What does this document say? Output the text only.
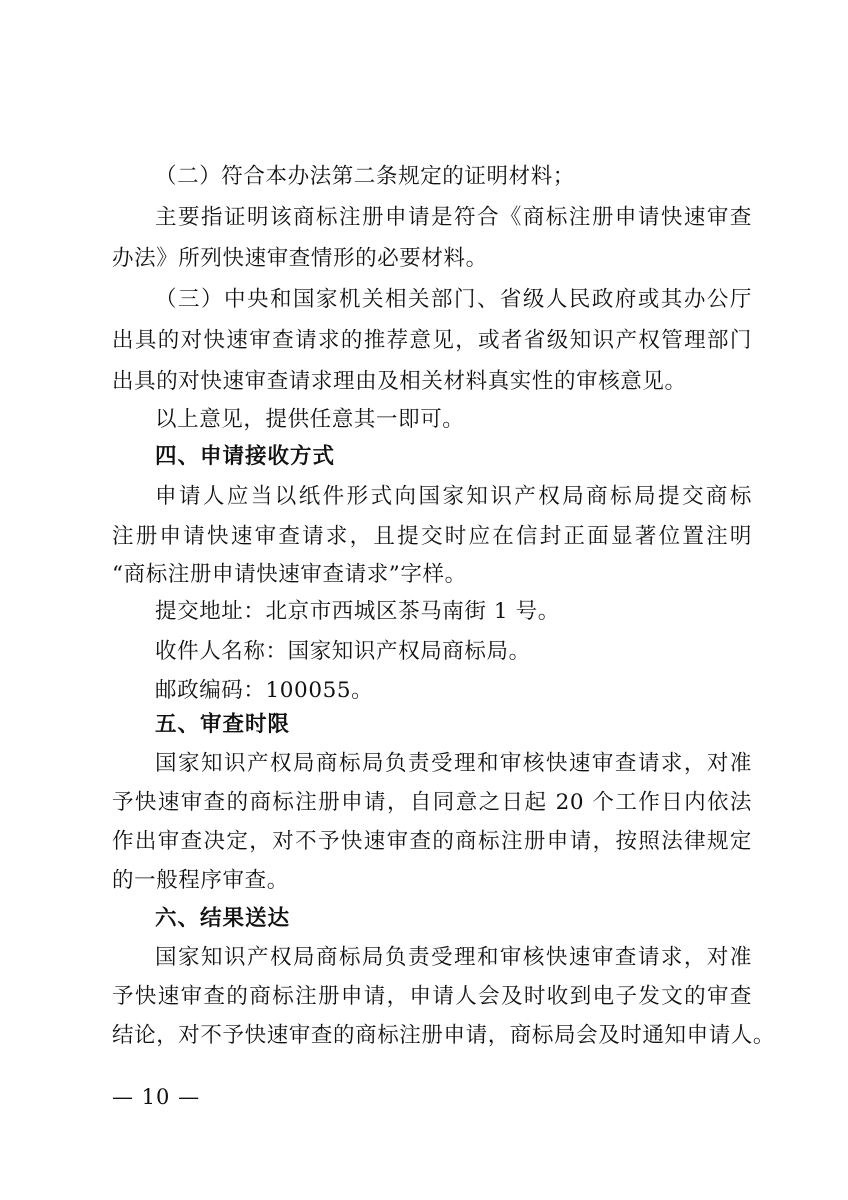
（二）符合本办法第二条规定的证明材料；
主要指证明该商标注册申请是符合《商标注册申请快速审查
办法》所列快速审查情形的必要材料。
（三）中央和国家机关相关部门、省级人民政府或其办公厅
出具的对快速审查请求的推荐意见，或者省级知识产权管理部门
出具的对快速审查请求理由及相关材料真实性的审核意见。
以上意见，提供任意其一即可。
四、申请接收方式
申请人应当以纸件形式向国家知识产权局商标局提交商标
注册申请快速审查请求，且提交时应在信封正面显著位置注明
“商标注册申请快速审查请求”字样。
提交地址：北京市西城区茶马南街 1 号。
收件人名称：国家知识产权局商标局。
邮政编码：100055。
五、审查时限
国家知识产权局商标局负责受理和审核快速审查请求，对准
予快速审查的商标注册申请，自同意之日起 20 个工作日内依法
作出审查决定，对不予快速审查的商标注册申请，按照法律规定
的一般程序审查。
六、结果送达
国家知识产权局商标局负责受理和审核快速审查请求，对准
予快速审查的商标注册申请，申请人会及时收到电子发文的审查
结论，对不予快速审查的商标注册申请，商标局会及时通知申请人。
— 10 —
